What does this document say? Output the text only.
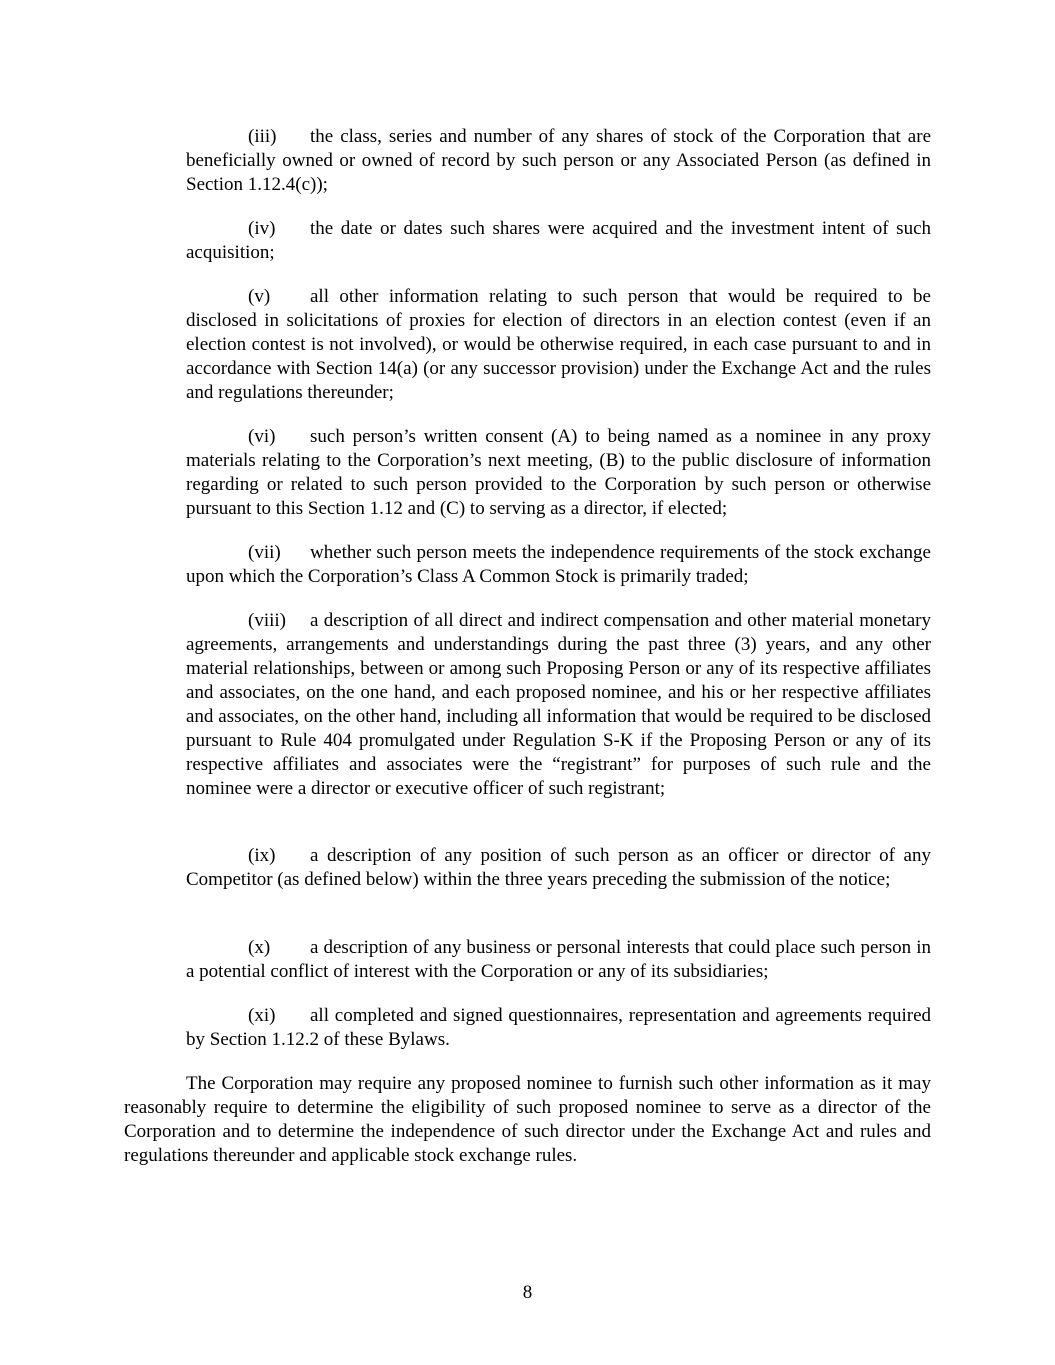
(iii) the class, series and number of any shares of stock of the Corporation that are beneficially owned or owned of record by such person or any Associated Person (as defined in Section 1.12.4(c));

(iv) the date or dates such shares were acquired and the investment intent of such acquisition;

(v) all other information relating to such person that would be required to be disclosed in solicitations of proxies for election of directors in an election contest (even if an election contest is not involved), or would be otherwise required, in each case pursuant to and in accordance with Section 14(a) (or any successor provision) under the Exchange Act and the rules and regulations thereunder;

(vi) such person’s written consent (A) to being named as a nominee in any proxy materials relating to the Corporation’s next meeting, (B) to the public disclosure of information regarding or related to such person provided to the Corporation by such person or otherwise pursuant to this Section 1.12 and (C) to serving as a director, if elected;

(vii) whether such person meets the independence requirements of the stock exchange upon which the Corporation’s Class A Common Stock is primarily traded;

(viii) a description of all direct and indirect compensation and other material monetary agreements, arrangements and understandings during the past three (3) years, and any other material relationships, between or among such Proposing Person or any of its respective affiliates and associates, on the one hand, and each proposed nominee, and his or her respective affiliates and associates, on the other hand, including all information that would be required to be disclosed pursuant to Rule 404 promulgated under Regulation S-K if the Proposing Person or any of its respective affiliates and associates were the “registrant” for purposes of such rule and the nominee were a director or executive officer of such registrant;

(ix) a description of any position of such person as an officer or director of any Competitor (as defined below) within the three years preceding the submission of the notice;

(x) a description of any business or personal interests that could place such person in a potential conflict of interest with the Corporation or any of its subsidiaries;

(xi) all completed and signed questionnaires, representation and agreements required by Section 1.12.2 of these Bylaws.

The Corporation may require any proposed nominee to furnish such other information as it may reasonably require to determine the eligibility of such proposed nominee to serve as a director of the Corporation and to determine the independence of such director under the Exchange Act and rules and regulations thereunder and applicable stock exchange rules.

8
